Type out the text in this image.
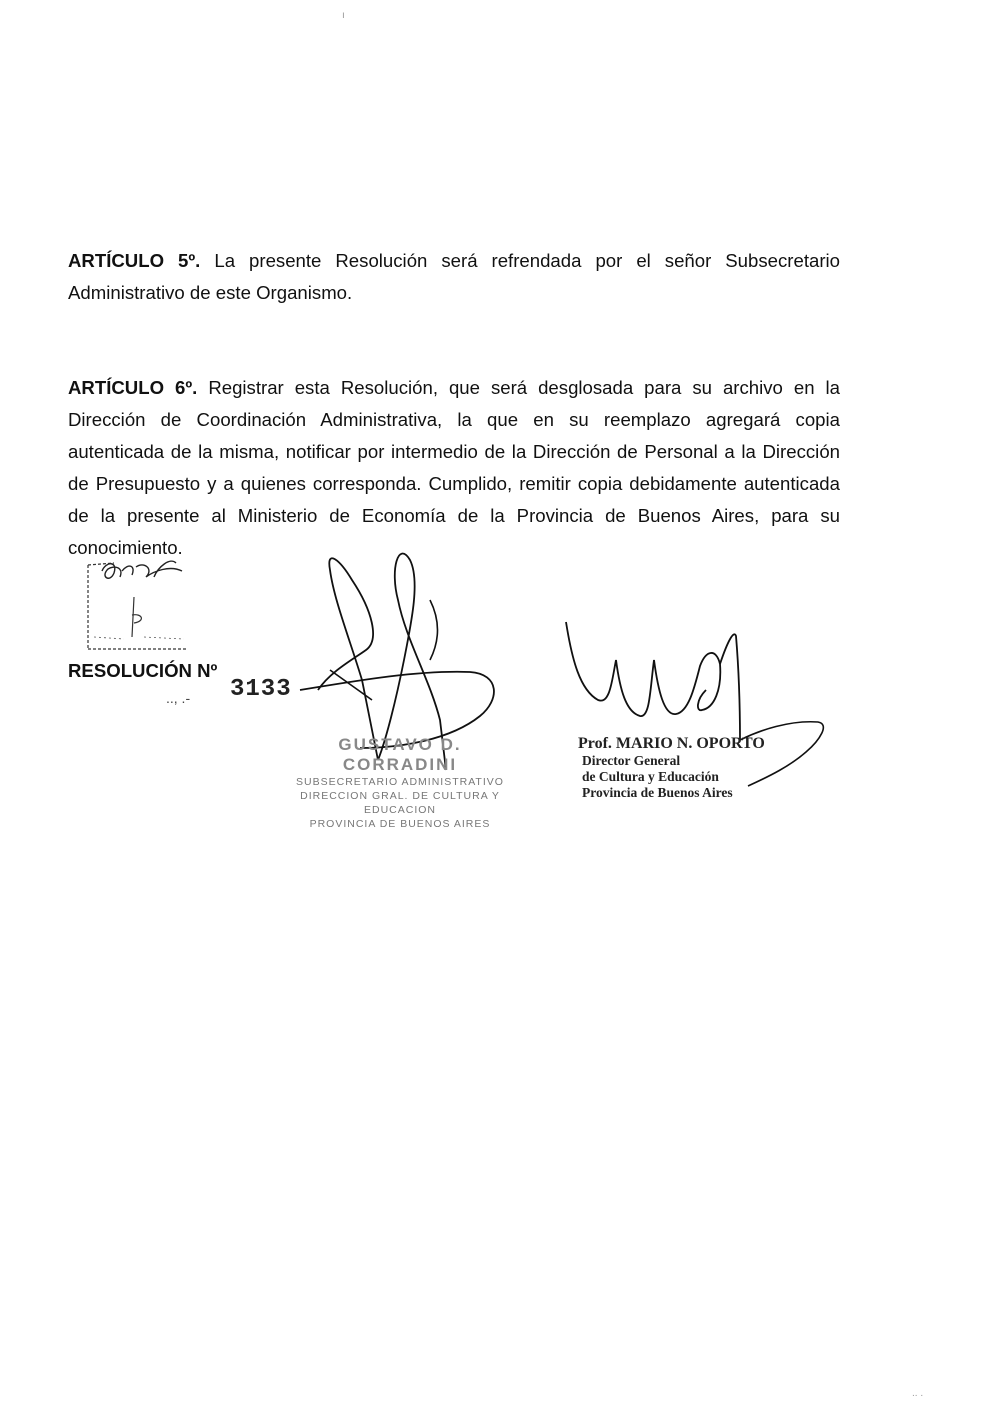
ı

ARTÍCULO 5º. La presente Resolución será refrendada por el señor Subsecretario Administrativo de este Organismo.

ARTÍCULO 6º. Registrar esta Resolución, que será desglosada para su archivo en la Dirección de Coordinación Administrativa, la que en su reemplazo agregará copia autenticada de la misma, notificar por intermedio de la Dirección de Personal a la Dirección de Presupuesto y a quienes corresponda. Cumplido, remitir copia debidamente autenticada de la presente al Ministerio de Economía de la Provincia de Buenos Aires, para su conocimiento.

RESOLUCIÓN Nº
.., .- 3133
GUSTAVO D. CORRADINI
SUBSECRETARIO ADMINISTRATIVO
DIRECCION GRAL. DE CULTURA Y EDUCACION
PROVINCIA DE BUENOS AIRES
Prof. MARIO N. OPORTO
Director General
de Cultura y Educación
Provincia de Buenos Aires
.. .
